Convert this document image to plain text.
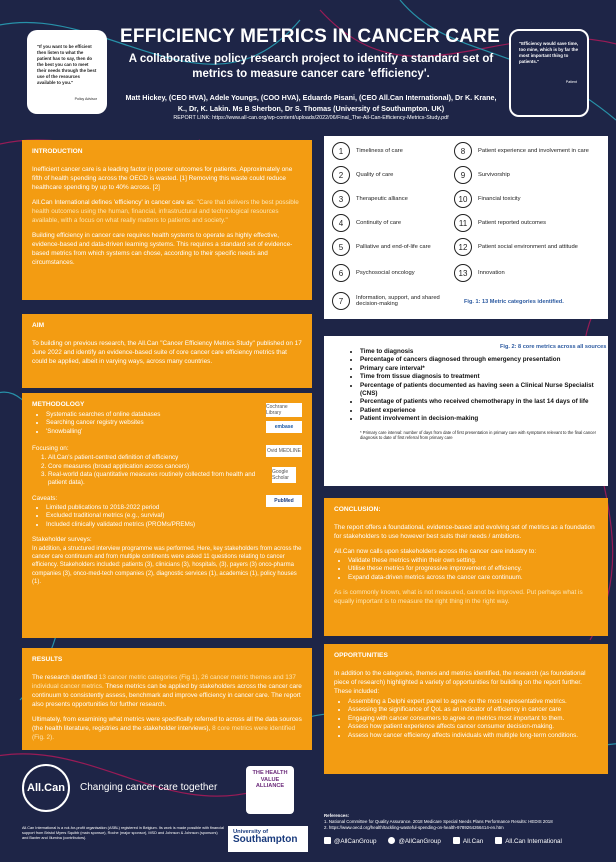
"If you want to be efficient then listen to what the patient has to say, then do the best you can to meet their needs through the best use of the resources available to you."
Policy Advisor
EFFICIENCY METRICS IN CANCER CARE
A collaborative policy research project to identify a standard set of metrics to measure cancer care 'efficiency'.
Matt Hickey, (CEO HVA), Adele Youngs, (COO HVA), Eduardo Pisani, (CEO All.Can International), Dr K. Krane, K., Dr, K. Lakin. Ms B Sherbon, Dr S. Thomas (University of Southampton. UK)
REPORT LINK: https://www.all-can.org/wp-content/uploads/2022/06/Final_The-All-Can-Efficiency-Metrics-Study.pdf
"Efficiency would save time, too mine, which is by far the most important thing to patients."
Patient
INTRODUCTION
Inefficient cancer care is a leading factor in poorer outcomes for patients. Approximately one fifth of health spending across the OECD is wasted. [1] Removing this waste could reduce healthcare spending by up to 40% across. [2]
All.Can International defines 'efficiency' in cancer care as: "Care that delivers the best possible health outcomes using the human, financial, infrastructural and technological resources available, with a focus on what really matters to patients and society."
Building efficiency in cancer care requires health systems to operate as highly effective, evidence-based and data-driven learning systems. This requires a standard set of evidence-based metrics from which systems can chose, according to their specific needs and circumstances.
AIM
To building on previous research, the All.Can "Cancer Efficiency Metrics Study" published on 17 June 2022 and identify an evidence-based suite of core cancer care efficiency metrics that could be applied, albeit in varying ways, across many countries.
METHODOLOGY
• Systematic searches of online databases
• Searching cancer registry websites
• 'Snowballing'
Focusing on:
1. All.Can's patient-centred definition of efficiency
2. Core measures (broad application across cancers)
3. Real-world data (quantitative measures routinely collected from health and patient data).
Caveats:
• Limited publications to 2018-2022 period
• Excluded traditional metrics (e.g., survival)
• Included clinically validated metrics (PROMs/PREMs)
Stakeholder surveys:
In addition, a structured interview programme was performed. Here, key stakeholders from across the cancer care continuum and from multiple continents were asked 11 questions relating to cancer efficiency. Stakeholders included: patients (3), clinicians (3), hospitals, (3), payers (3) onco-pharma companies (3), onco-med-tech companies (2), diagnostic services (1), academics (1), policy houses (1).
Cochrane Library
embase
Ovid MEDLINE
Google Scholar
PubMed
RESULTS
The research identified 13 cancer metric categories (Fig 1), 26 cancer metric themes and 137 individual cancer metrics. These metrics can be applied by stakeholders across the cancer care continuum to consistently assess, benchmark and improve efficiency in cancer care. The report also presents opportunities for further research.
Ultimately, from examining what metrics were specifically referred to across all the data sources (the health literature, registries and the stakeholder interviews), 8 core metrics were identified (Fig. 2).
1	Timeliness of care
2	Quality of care
3	Therapeutic alliance
4	Continuity of care
5	Palliative and end-of-life care
6	Psychosocial oncology
7	Information, support, and shared decision-making
8	Patient experience and involvement in care
9	Survivorship
10	Financial toxicity
11	Patient reported outcomes
12	Patient social environment and attitude
13	Innovation
Fig. 1: 13 Metric categories identified.
Fig. 2: 8 core metrics across all sources
• Time to diagnosis
• Percentage of cancers diagnosed through emergency presentation
• Primary care interval*
• Time from tissue diagnosis to treatment
• Percentage of patients documented as having seen a Clinical Nurse Specialist (CNS)
• Percentage of patients who received chemotherapy in the last 14 days of life
• Patient experience
• Patient involvement in decision-making
* Primary care interval: number of days from date of first presentation in primary care with symptoms relevant to the final cancer diagnosis to date of first referral from primary care
CONCLUSION:
The report offers a foundational, evidence-based and evolving set of metrics as a foundation for stakeholders to use however best suits their needs / ambitions.
All.Can now calls upon stakeholders across the cancer care industry to:
• Validate these metrics within their own setting.
• Utilise these metrics for progressive improvement of efficiency.
• Expand data-driven metrics across the cancer care continuum.
As is commonly known, what is not measured, cannot be improved. Put perhaps what is equally important is to measure the right thing in the right way.
OPPORTUNITIES
In addition to the categories, themes and metrics identified, the research (as foundational piece of research) highlighted a variety of opportunities for building on the report further. These included:
• Assembling a Delphi expert panel to agree on the most representative metrics.
• Assessing the significance of QoL as an indicator of efficiency in cancer care
• Engaging with cancer consumers to agree on metrics most important to them.
• Assess how patient experience affects cancer consumer decision-making.
• Assess how cancer efficiency affects individuals with multiple long-term conditions.
All.Can	Changing cancer care together
THE HEALTH VALUE ALLIANCE
University of
Southampton
All.Can International is a not-for-profit organisation (ASBL) registered in Belgium. Its work is made possible with financial support from Bristol Myers Squibb (main sponsor), Roche (major sponsor), MSD and Johnson & Johnson (sponsors) and Baxter and Illumina (contributors).
References:
1. National Committee for Quality Assurance. 2018 Medicare Special Needs Plans Performance Results: HEDIS 2018
2. https://www.oecd.org/health/tackling-wasteful-spending-on-health-9789264266414-en.htm
@AllCanGroup	@AllCanGroup	All.Can	All.Can International
